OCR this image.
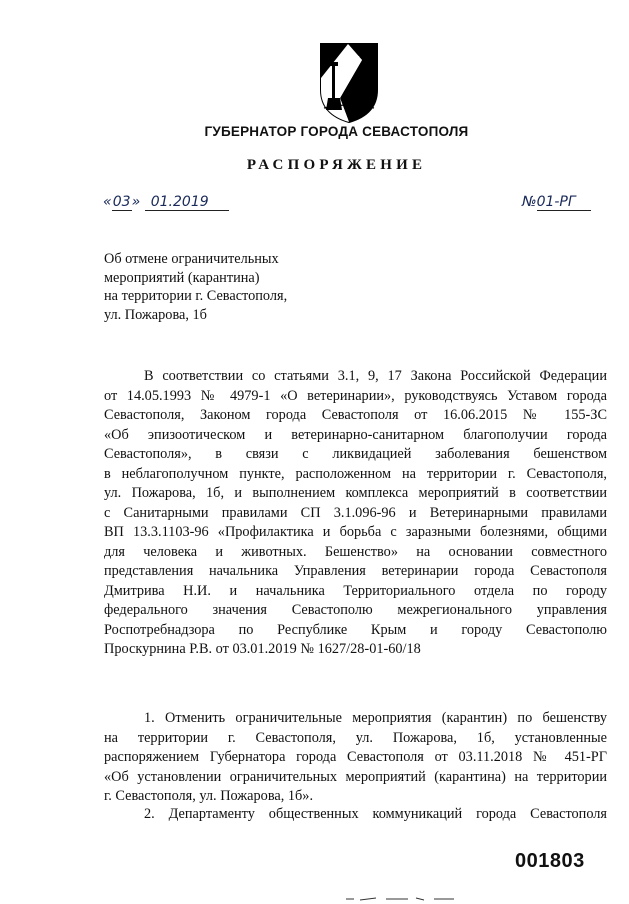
ГУБЕРНАТОР ГОРОДА СЕВАСТОПОЛЯ
РАСПОРЯЖЕНИЕ
«03» 01.2019	№01-РГ
Об отмене ограничительных
мероприятий (карантина)
на территории г. Севастополя,
ул. Пожарова, 1б
В соответствии со статьями 3.1, 9, 17 Закона Российской Федерации
от 14.05.1993 № 4979-1 «О ветеринарии», руководствуясь Уставом города
Севастополя, Законом города Севастополя от 16.06.2015 № 155-ЗС
«Об эпизоотическом и ветеринарно-санитарном благополучии города
Севастополя», в связи с ликвидацией заболевания бешенством
в неблагополучном пункте, расположенном на территории г. Севастополя,
ул. Пожарова, 1б, и выполнением комплекса мероприятий в соответствии
с Санитарными правилами СП 3.1.096-96 и Ветеринарными правилами
ВП 13.3.1103-96 «Профилактика и борьба с заразными болезнями, общими
для человека и животных. Бешенство» на основании совместного
представления начальника Управления ветеринарии города Севастополя
Дмитрива Н.И. и начальника Территориального отдела по городу
федерального значения Севастополю межрегионального управления
Роспотребнадзора по Республике Крым и городу Севастополю
Проскурнина Р.В. от 03.01.2019 № 1627/28-01-60/18
1. Отменить ограничительные мероприятия (карантин) по бешенству
на территории г. Севастополя, ул. Пожарова, 1б, установленные
распоряжением Губернатора города Севастополя от 03.11.2018 № 451-РГ
«Об установлении ограничительных мероприятий (карантина) на территории
г. Севастополя, ул. Пожарова, 1б».
2. Департаменту общественных коммуникаций города Севастополя
001803
